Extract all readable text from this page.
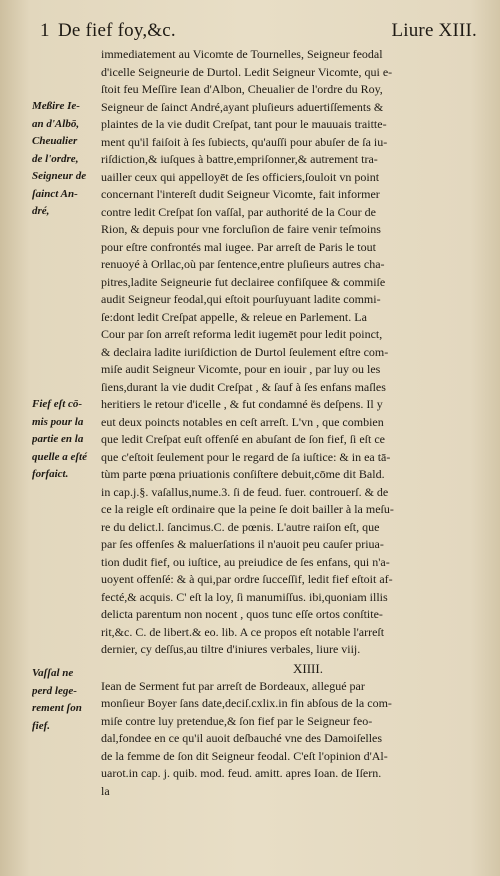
1 De fief foy,&c.	Liure XIII.
Meßire Ie-
an d'Albō,
Cheualier
de l'ordre,
Seigneur de
ſainct An-
dré,
Fief eſt cō-
mis pour la
partie en la
quelle a eſté
forfaict.
Vaſſal ne
perd lege-
rement ſon
fief.
immediatement au Vicomte de Tournelles, Seigneur feodal
d'icelle Seigneurie de Durtol. Ledit Seigneur Vicomte, qui e-
ſtoit feu Meſſire Iean d'Albon, Cheualier de l'ordre du Roy,
Seigneur de ſainct André,ayant pluſieurs aduertiſſements &
plaintes de la vie dudit Creſpat, tant pour le mauuais traitte-
ment qu'il faiſoit à ſes ſubiects, qu'auſſi pour abuſer de ſa iu-
riſdiction,& iuſques à battre,empriſonner,& autrement tra-
uailler ceux qui appelloyēt de ſes officiers,ſouloit vn point
concernant l'intereſt dudit Seigneur Vicomte, fait informer
contre ledit Creſpat ſon vaſſal, par authorité de la Cour de
Rion, & depuis pour vne forcluſion de faire venir teſmoins
pour eſtre confrontés mal iugee. Par arreſt de Paris le tout
renuoyé à Orllac,où par ſentence,entre pluſieurs autres cha-
pitres,ladite Seigneurie fut declairee confiſquee & commiſe
audit Seigneur feodal,qui eſtoit pourſuyuant ladite commi-
ſe:dont ledit Creſpat appelle, & releue en Parlement. La
Cour par ſon arreſt reforma ledit iugemēt pour ledit poinct,
& declaira ladite iuriſdiction de Durtol ſeulement eſtre com-
miſe audit Seigneur Vicomte, pour en iouir , par luy ou les
ſiens,durant la vie dudit Creſpat , & ſauf à ſes enfans maſles
heritiers le retour d'icelle , & fut condamné ës deſpens. Il y
eut deux poincts notables en ceſt arreſt. L'vn , que combien
que ledit Creſpat euſt offenſé en abuſant de ſon fief, ſi eſt ce
que c'eſtoit ſeulement pour le regard de ſa iuſtice: & in ea tā-
tùm parte pœna priuationis conſiſtere debuit,cōme dit Bald.
in cap.j.§. vaſallus,nume.3. ſi de feud. fuer. controuerſ. & de
ce la reigle eſt ordinaire que la peine ſe doit bailler à la meſu-
re du delict.l. ſancimus.C. de pœnis. L'autre raiſon eſt, que
par ſes offenſes & maluerſations il n'auoit peu cauſer priua-
tion dudit fief, ou iuſtice, au preiudice de ſes enfans, qui n'a-
uoyent offenſé: & à qui,par ordre ſucceſſif, ledit fief eſtoit af-
fecté,& acquis. C' eſt la loy, ſi manumiſſus. ibi,quoniam illis
delicta parentum non nocent , quos tunc eſſe ortos conſtite-
rit,&c. C. de libert.& eo. lib. A ce propos eſt notable l'arreſt
dernier, cy deſſus,au tiltre d'iniures verbales, liure viij.
XIIII.
Iean de Serment fut par arreſt de Bordeaux, allegué par
monſieur Boyer ſans date,deciſ.cxlix.in fin abſous de la com-
miſe contre luy pretendue,& ſon fief par le Seigneur feo-
dal,fondee en ce qu'il auoit deſbauché vne des Damoiſelles
de la femme de ſon dit Seigneur feodal. C'eſt l'opinion d'Al-
uarot.in cap. j. quib. mod. feud. amitt. apres Ioan. de Iſern.
la
